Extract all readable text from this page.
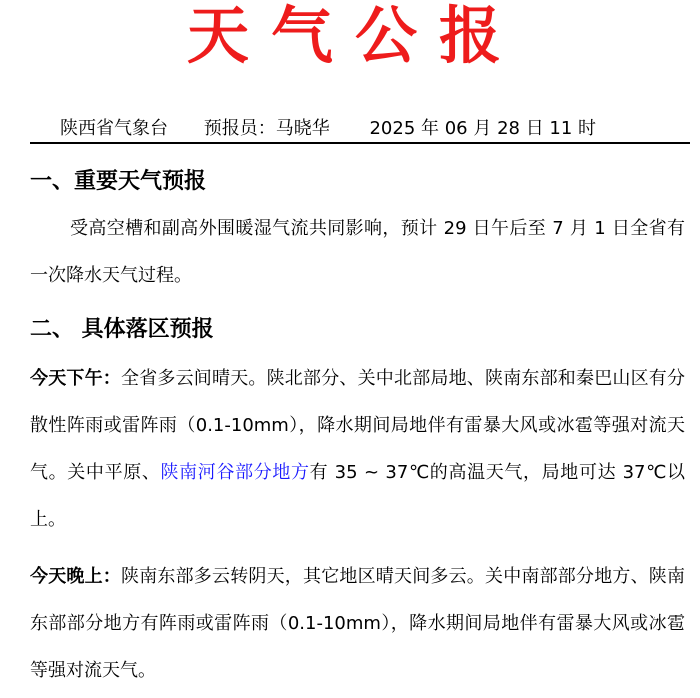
天气公报
陕西省气象台 预报员：马晓华 2025 年 06 月 28 日 11 时
一、重要天气预报
受高空槽和副高外围暖湿气流共同影响，预计 29 日午后至 7 月 1 日全省有一次降水天气过程。
二、 具体落区预报
今天下午：全省多云间晴天。陕北部分、关中北部局地、陕南东部和秦巴山区有分散性阵雨或雷阵雨（0.1-10mm），降水期间局地伴有雷暴大风或冰雹等强对流天气。关中平原、陕南河谷部分地方有 35 ~ 37℃的高温天气，局地可达 37℃以上。
今天晚上：陕南东部多云转阴天，其它地区晴天间多云。关中南部部分地方、陕南东部部分地方有阵雨或雷阵雨（0.1-10mm），降水期间局地伴有雷暴大风或冰雹等强对流天气。
